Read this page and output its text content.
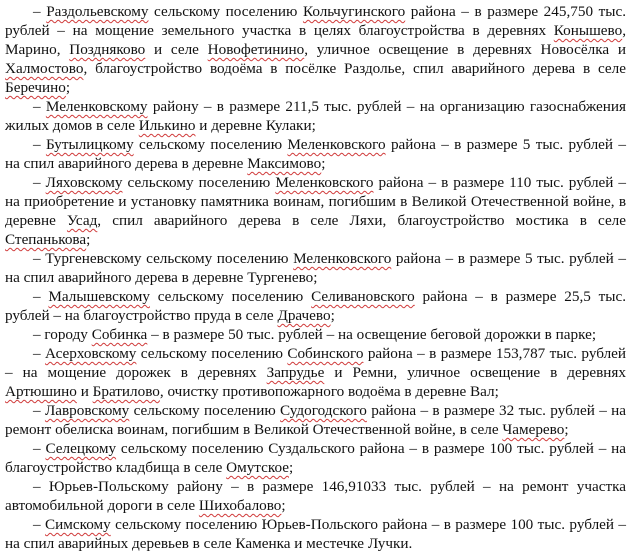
– Раздольевскому сельскому поселению Кольчугинского района – в размере 245,750 тыс. рублей – на мощение земельного участка в целях благоустройства в деревнях Конышево, Марино, Поздняково и селе Новофетинино, уличное освещение в деревнях Новосёлка и Халмостово, благоустройство водоёма в посёлке Раздолье, спил аварийного дерева в селе Беречино;

– Меленковскому району – в размере 211,5 тыс. рублей – на организацию газоснабжения жилых домов в селе Илькино и деревне Кулаки;

– Бутылицкому сельскому поселению Меленковского района – в размере 5 тыс. рублей – на спил аварийного дерева в деревне Максимово;

– Ляховскому сельскому поселению Меленковского района – в размере 110 тыс. рублей – на приобретение и установку памятника воинам, погибшим в Великой Отечественной войне, в деревне Усад, спил аварийного дерева в селе Ляхи, благоустройство мостика в селе Степанькова;

– Тургеневскому сельскому поселению Меленковского района – в размере 5 тыс. рублей – на спил аварийного дерева в деревне Тургенево;

– Малышевскому сельскому поселению Селивановского района – в размере 25,5 тыс. рублей – на благоустройство пруда в селе Драчево;

– городу Собинка – в размере 50 тыс. рублей – на освещение беговой дорожки в парке;

– Асерховскому сельскому поселению Собинского района – в размере 153,787 тыс. рублей – на мощение дорожек в деревнях Запрудье и Ремни, уличное освещение в деревнях Артюшино и Братилово, очистку противопожарного водоёма в деревне Вал;

– Лавровскому сельскому поселению Судогодского района – в размере 32 тыс. рублей – на ремонт обелиска воинам, погибшим в Великой Отечественной войне, в селе Чамерево;

– Селецкому сельскому поселению Суздальского района – в размере 100 тыс. рублей – на благоустройство кладбища в селе Омутское;

– Юрьев-Польскому району – в размере 146,91033 тыс. рублей – на ремонт участка автомобильной дороги в селе Шихобалово;

– Симскому сельскому поселению Юрьев-Польского района – в размере 100 тыс. рублей – на спил аварийных деревьев в селе Каменка и местечке Лучки.
